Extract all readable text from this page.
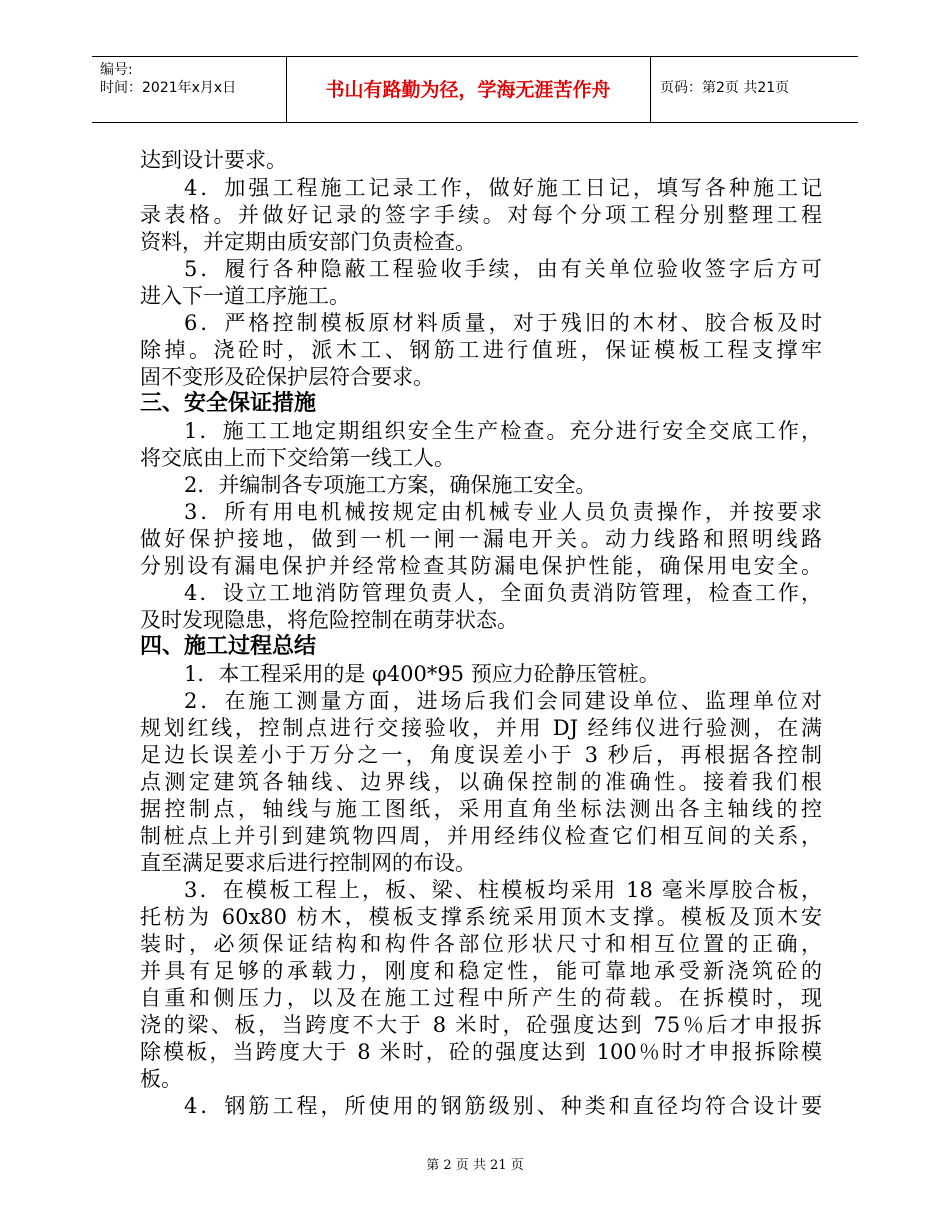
编号:
时间：2021年x月x日	书山有路勤为径，学海无涯苦作舟	页码：第2页 共21页
达到设计要求。
4．加强工程施工记录工作，做好施工日记，填写各种施工记
录表格。并做好记录的签字手续。对每个分项工程分别整理工程
资料，并定期由质安部门负责检查。
5．履行各种隐蔽工程验收手续，由有关单位验收签字后方可
进入下一道工序施工。
6．严格控制模板原材料质量，对于残旧的木材、胶合板及时
除掉。浇砼时，派木工、钢筋工进行值班，保证模板工程支撑牢
固不变形及砼保护层符合要求。
三、安全保证措施
1．施工工地定期组织安全生产检查。充分进行安全交底工作，
将交底由上而下交给第一线工人。
2．并编制各专项施工方案，确保施工安全。
3．所有用电机械按规定由机械专业人员负责操作，并按要求
做好保护接地，做到一机一闸一漏电开关。动力线路和照明线路
分别设有漏电保护并经常检查其防漏电保护性能，确保用电安全。
4．设立工地消防管理负责人，全面负责消防管理，检查工作，
及时发现隐患，将危险控制在萌芽状态。
四、施工过程总结
1．本工程采用的是 φ400*95 预应力砼静压管桩。
2．在施工测量方面，进场后我们会同建设单位、监理单位对
规划红线，控制点进行交接验收，并用 DJ 经纬仪进行验测，在满
足边长误差小于万分之一，角度误差小于 3 秒后，再根据各控制
点测定建筑各轴线、边界线，以确保控制的准确性。接着我们根
据控制点，轴线与施工图纸，采用直角坐标法测出各主轴线的控
制桩点上并引到建筑物四周，并用经纬仪检查它们相互间的关系，
直至满足要求后进行控制网的布设。
3．在模板工程上，板、梁、柱模板均采用 18 毫米厚胶合板，
托枋为 60x80 枋木，模板支撑系统采用顶木支撑。模板及顶木安
装时，必须保证结构和构件各部位形状尺寸和相互位置的正确，
并具有足够的承载力，刚度和稳定性，能可靠地承受新浇筑砼的
自重和侧压力，以及在施工过程中所产生的荷载。在拆模时，现
浇的梁、板，当跨度不大于 8 米时，砼强度达到 75％后才申报拆
除模板，当跨度大于 8 米时，砼的强度达到 100％时才申报拆除模
板。
4．钢筋工程，所使用的钢筋级别、种类和直径均符合设计要
第 2 页 共 21 页
